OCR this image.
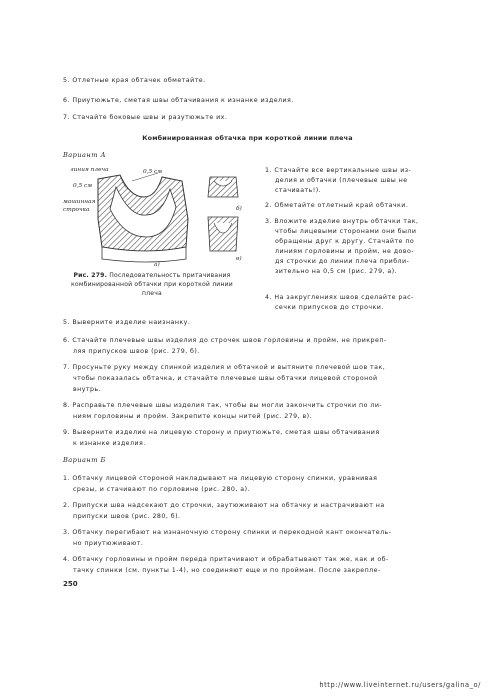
5. Отлетные края обтачек обметайте.
6. Приутюжьте, сметая швы обтачивания к изнанке изделия.
7. Стачайте боковые швы и разутюжьте их.
Комбинированная обтачка при короткой линии плеча
Вариант А
линия плеча
0,5 см
машинная строчка
0,5 см
а)
б)
в)
Рис. 279. Последовательность притачивания комбинированной обтачки при короткой линии плеча
1. Стачайте все вертикальные швы из-
делия и обтачки (плечевые швы не
стачивать!).
2. Обметайте отлетный край обтачки.
3. Вложите изделие внутрь обтачки так,
чтобы лицевыми сторонами они были
обращены друг к другу. Стачайте по
линиям горловины и пройм, не дово-
дя строчки до линии плеча прибли-
зительно на 0,5 см (рис. 279, а).
4. На закруглениях швов сделайте рас-
сечки припусков до строчки.
5. Выверните изделие наизнанку.
6. Стачайте плечевые швы изделия до строчек швов горловины и пройм, не прикреп-
ляя припусков швов (рис. 279, б).
7. Просуньте руку между спинкой изделия и обтачкой и вытяните плечевой шов так,
чтобы показалась обтачка, и стачайте плечевые швы обтачки лицевой стороной
внутрь.
8. Расправьте плечевые швы изделия так, чтобы вы могли закончить строчки по ли-
ниям горловины и пройм. Закрепите концы нитей (рис. 279, в).
9. Выверните изделие на лицевую сторону и приутюжьте, сметая швы обтачивания
к изнанке изделия.
Вариант Б
1. Обтачку лицевой стороной накладывают на лицевую сторону спинки, уравнивая
срезы, и стачивают по горловине (рис. 280, а).
2. Припуски шва надсекают до строчки, заутюживают на обтачку и настрачивают на
припуски швов (рис. 280, б).
3. Обтачку перегибают на изнаночную сторону спинки и перекодной кант окончатель-
но приутюживают.
4. Обтачку горловины и пройм переда притачивают и обрабатывают так же, как и об-
тачку спинки (см. пункты 1-4), но соединяют еще и по проймам. После закрепле-
250
http://www.liveinternet.ru/users/galina_o/
